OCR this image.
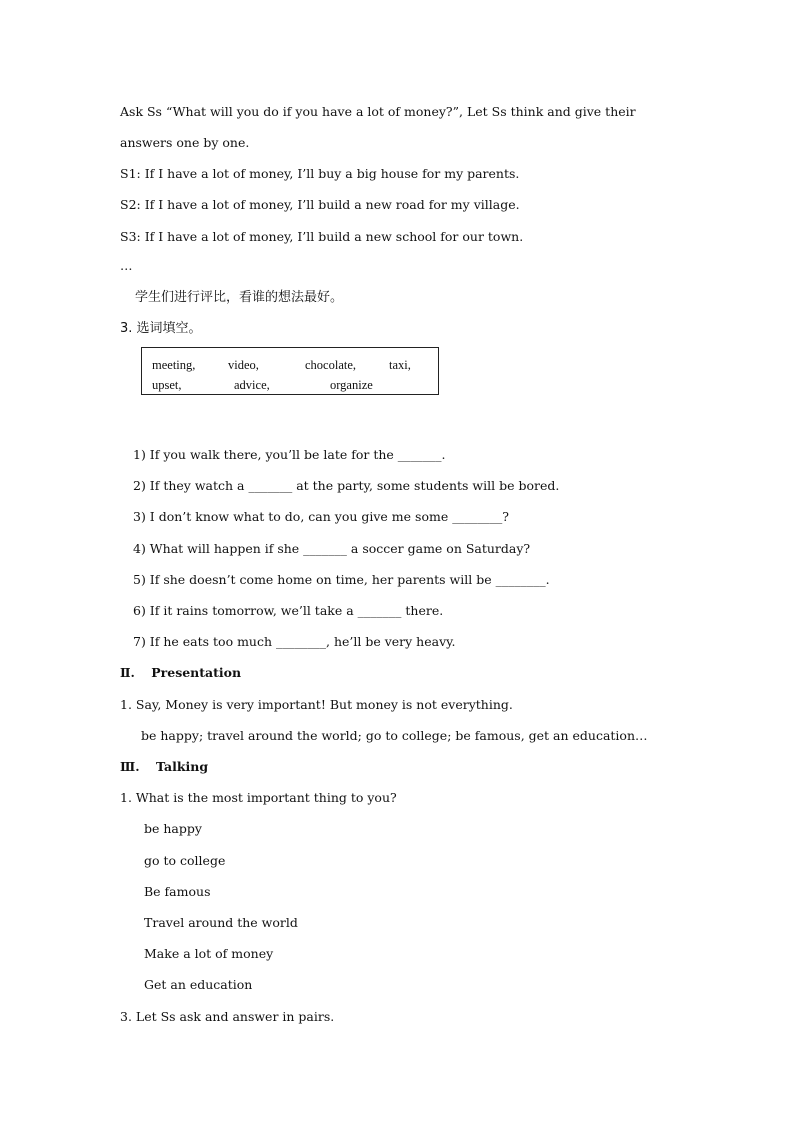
Ask Ss “What will you do if you have a lot of money?”, Let Ss think and give their
answers one by one.
S1: If I have a lot of money, I’ll buy a big house for my parents.
S2: If I have a lot of money, I’ll build a new road for my village.
S3: If I have a lot of money, I’ll build a new school for our town.
…
学生们进行评比，看谁的想法最好。
3. 选词填空。
meeting,	video,	chocolate,	taxi,
upset,	advice,	organize
1) If you walk there, you’ll be late for the _______.
2) If they watch a _______ at the party, some students will be bored.
3) I don’t know what to do, can you give me some ________?
4) What will happen if she _______ a soccer game on Saturday?
5) If she doesn’t come home on time, her parents will be ________.
6) If it rains tomorrow, we’ll take a _______ there.
7) If he eats too much ________, he’ll be very heavy.
Ⅱ. Presentation
1. Say, Money is very important! But money is not everything.
be happy; travel around the world; go to college; be famous, get an education…
Ⅲ. Talking
1. What is the most important thing to you?
be happy
go to college
Be famous
Travel around the world
Make a lot of money
Get an education
3. Let Ss ask and answer in pairs.
